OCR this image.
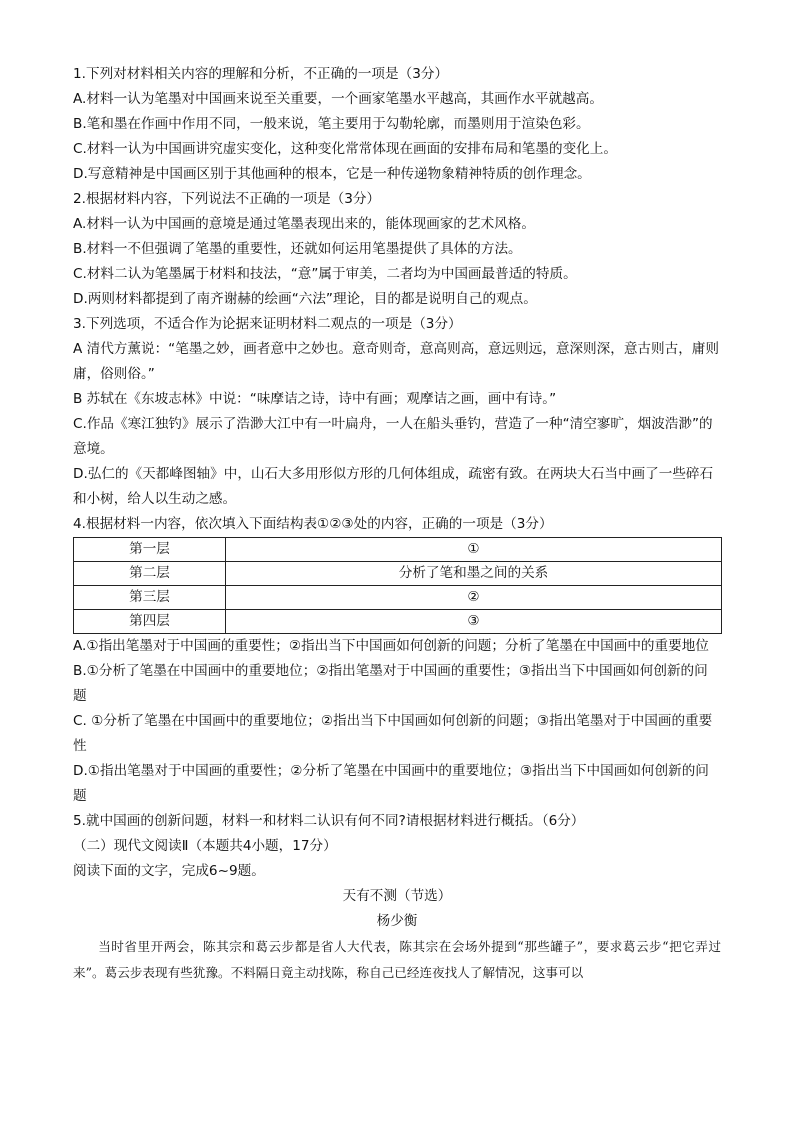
1.下列对材料相关内容的理解和分析，不正确的一项是（3分）
A.材料一认为笔墨对中国画来说至关重要，一个画家笔墨水平越高，其画作水平就越高。
B.笔和墨在作画中作用不同，一般来说，笔主要用于勾勒轮廓，而墨则用于渲染色彩。
C.材料一认为中国画讲究虚实变化，这种变化常常体现在画面的安排布局和笔墨的变化上。
D.写意精神是中国画区别于其他画种的根本，它是一种传递物象精神特质的创作理念。
2.根据材料内容，下列说法不正确的一项是（3分）
A.材料一认为中国画的意境是通过笔墨表现出来的，能体现画家的艺术风格。
B.材料一不但强调了笔墨的重要性，还就如何运用笔墨提供了具体的方法。
C.材料二认为笔墨属于材料和技法，“意”属于审美，二者均为中国画最普适的特质。
D.两则材料都提到了南齐谢赫的绘画“六法”理论，目的都是说明自己的观点。
3.下列选项，不适合作为论据来证明材料二观点的一项是（3分）
A 清代方薰说：“笔墨之妙，画者意中之妙也。意奇则奇，意高则高，意远则远，意深则深，意古则古，庸则庸，俗则俗。”
B 苏轼在《东坡志林》中说：“味摩诘之诗，诗中有画；观摩诘之画，画中有诗。”
C.作品《寒江独钓》展示了浩渺大江中有一叶扁舟，一人在船头垂钓，营造了一种“清空寥旷，烟波浩渺”的意境。
D.弘仁的《天都峰图轴》中，山石大多用形似方形的几何体组成，疏密有致。在两块大石当中画了一些碎石和小树，给人以生动之感。
4.根据材料一内容，依次填入下面结构表①②③处的内容，正确的一项是（3分）
第一层	①
第二层	分析了笔和墨之间的关系
第三层	②
第四层	③
A.①指出笔墨对于中国画的重要性；②指出当下中国画如何创新的问题；分析了笔墨在中国画中的重要地位
B.①分析了笔墨在中国画中的重要地位；②指出笔墨对于中国画的重要性；③指出当下中国画如何创新的问题
C. ①分析了笔墨在中国画中的重要地位；②指出当下中国画如何创新的问题；③指出笔墨对于中国画的重要性
D.①指出笔墨对于中国画的重要性；②分析了笔墨在中国画中的重要地位；③指出当下中国画如何创新的问题
5.就中国画的创新问题，材料一和材料二认识有何不同?请根据材料进行概括。（6分）
（二）现代文阅读Ⅱ（本题共4小题，17分）
阅读下面的文字，完成6~9题。
天有不测（节选）
杨少衡
当时省里开两会，陈其宗和葛云步都是省人大代表，陈其宗在会场外提到“那些罐子”，要求葛云步“把它弄过来”。葛云步表现有些犹豫。不料隔日竟主动找陈，称自己已经连夜找人了解情况，这事可以
